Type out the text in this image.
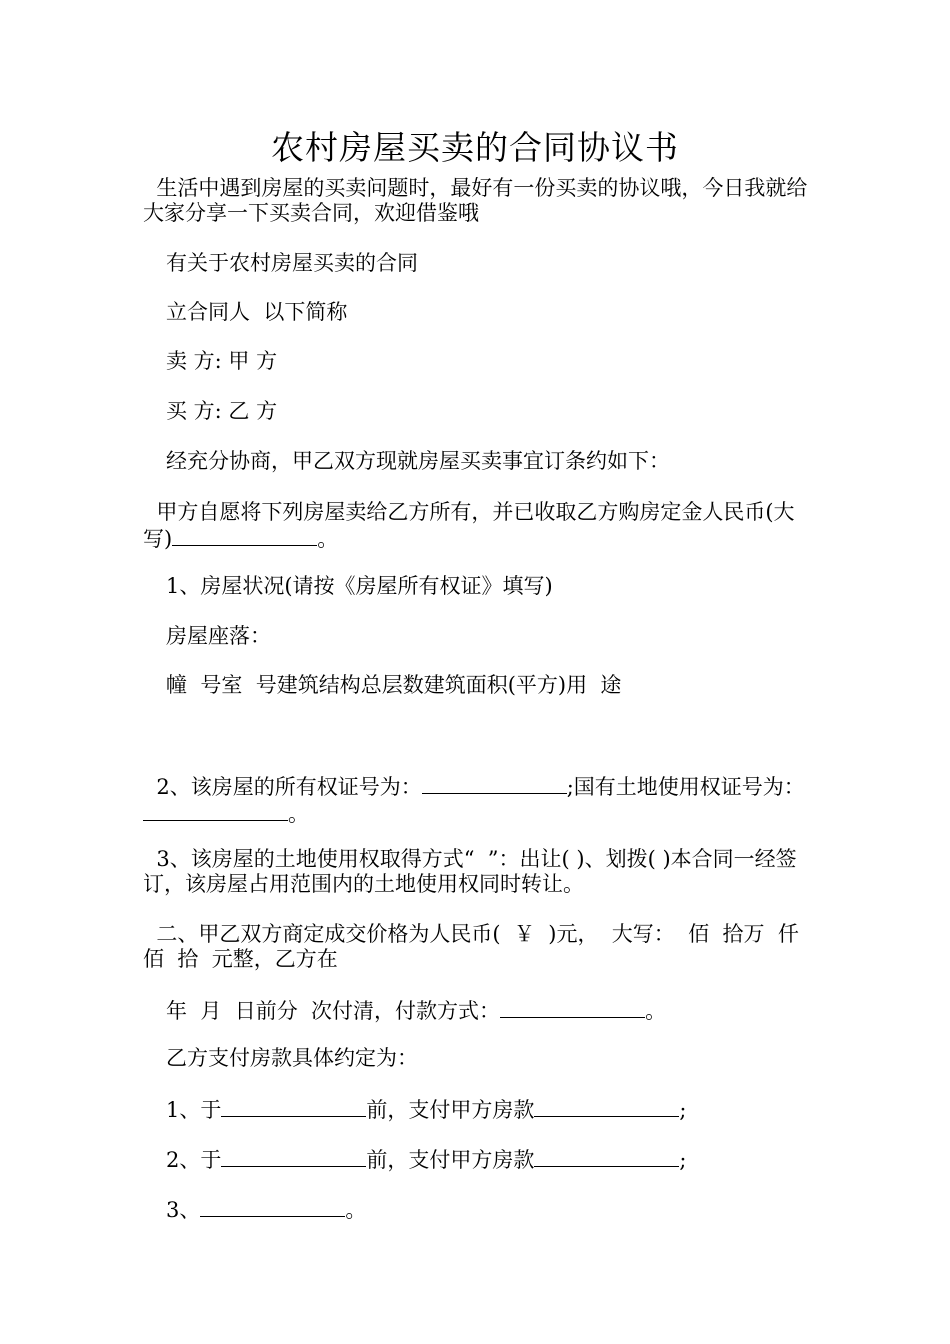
农村房屋买卖的合同协议书
生活中遇到房屋的买卖问题时，最好有一份买卖的协议哦，今日我就给大家分享一下买卖合同，欢迎借鉴哦
有关于农村房屋买卖的合同
立合同人  以下简称
卖 方: 甲 方
买 方: 乙 方
经充分协商，甲乙双方现就房屋买卖事宜订条约如下：
甲方自愿将下列房屋卖给乙方所有，并已收取乙方购房定金人民币(大写)	。
1、房屋状况(请按《房屋所有权证》填写)
房屋座落：
幢  号室  号建筑结构总层数建筑面积(平方)用  途
2、该房屋的所有权证号为：	;国有土地使用权证号为：。
3、该房屋的土地使用权取得方式“  ”：出让( )、划拨( )本合同一经签订，该房屋占用范围内的土地使用权同时转让。
二、甲乙双方商定成交价格为人民币(  ￥  )元，  大写：  佰  拾万  仟  佰  拾  元整，乙方在
年  月  日前分  次付清，付款方式：	。
乙方支付房款具体约定为：
1、于	前，支付甲方房款	;
2、于	前，支付甲方房款	;
3、	。
